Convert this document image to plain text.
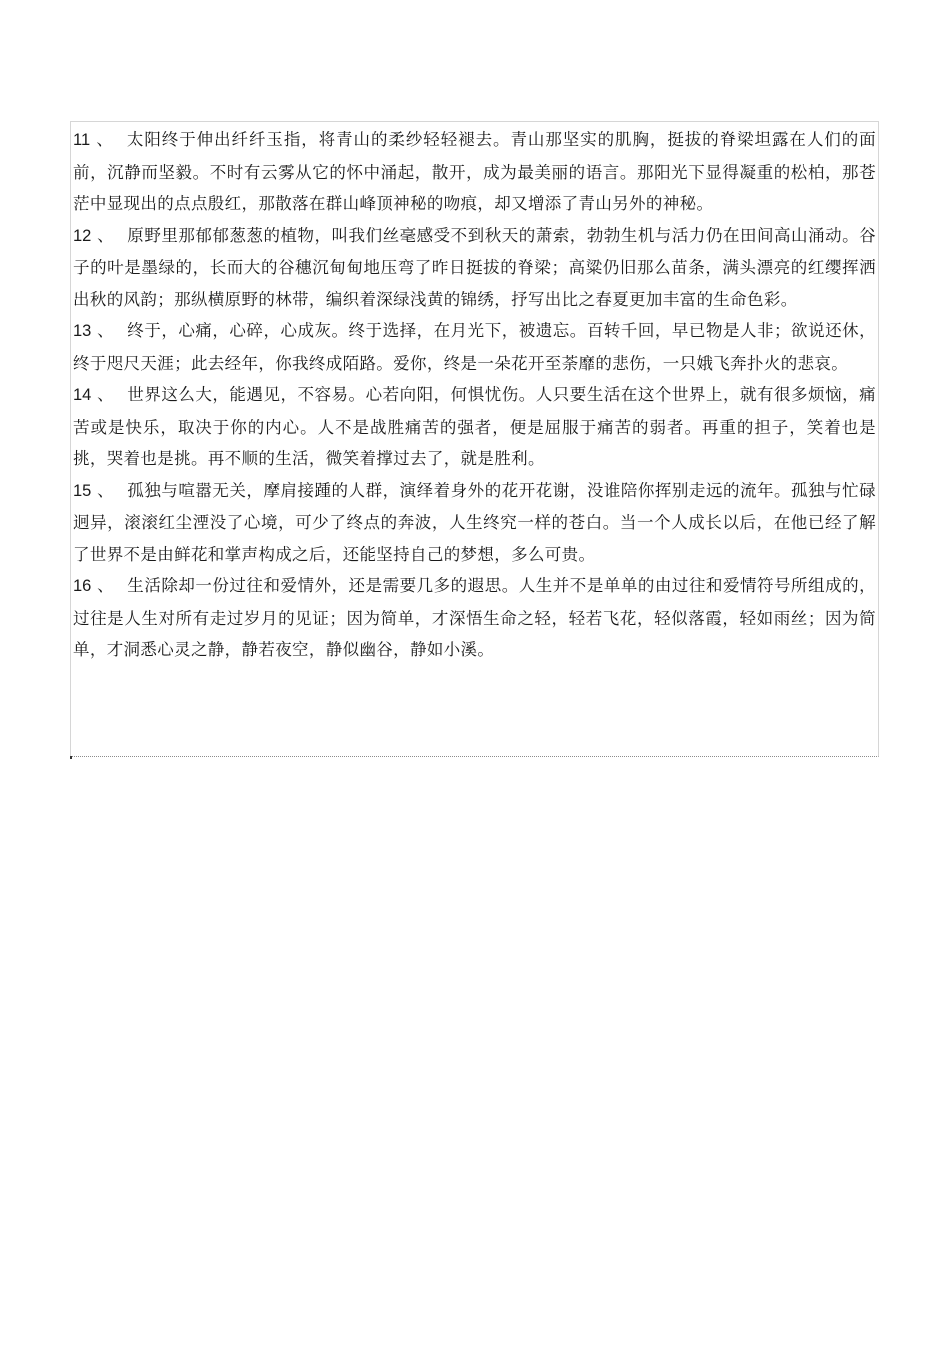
11 、 太阳终于伸出纤纤玉指，将青山的柔纱轻轻褪去。青山那坚实的肌胸，挺拔的脊梁坦露在人们的面前，沉静而坚毅。不时有云雾从它的怀中涌起，散开，成为最美丽的语言。那阳光下显得凝重的松柏，那苍茫中显现出的点点殷红，那散落在群山峰顶神秘的吻痕，却又增添了青山另外的神秘。

12 、 原野里那郁郁葱葱的植物，叫我们丝毫感受不到秋天的萧索，勃勃生机与活力仍在田间高山涌动。谷子的叶是墨绿的，长而大的谷穗沉甸甸地压弯了昨日挺拔的脊梁；高粱仍旧那么苗条，满头漂亮的红缨挥洒出秋的风韵；那纵横原野的林带，编织着深绿浅黄的锦绣，抒写出比之春夏更加丰富的生命色彩。

13 、 终于，心痛，心碎，心成灰。终于选择，在月光下，被遗忘。百转千回，早已物是人非；欲说还休，终于咫尺天涯；此去经年，你我终成陌路。爱你，终是一朵花开至荼靡的悲伤，一只娥飞奔扑火的悲哀。

14 、 世界这么大，能遇见，不容易。心若向阳，何惧忧伤。人只要生活在这个世界上，就有很多烦恼，痛苦或是快乐，取决于你的内心。人不是战胜痛苦的强者，便是屈服于痛苦的弱者。再重的担子，笑着也是挑，哭着也是挑。再不顺的生活，微笑着撑过去了，就是胜利。

15 、 孤独与喧嚣无关，摩肩接踵的人群，演绎着身外的花开花谢，没谁陪你挥别走远的流年。孤独与忙碌迥异，滚滚红尘湮没了心境，可少了终点的奔波，人生终究一样的苍白。当一个人成长以后，在他已经了解了世界不是由鲜花和掌声构成之后，还能坚持自己的梦想，多么可贵。

16 、 生活除却一份过往和爱情外，还是需要几多的遐思。人生并不是单单的由过往和爱情符号所组成的，过往是人生对所有走过岁月的见证；因为简单，才深悟生命之轻，轻若飞花，轻似落霞，轻如雨丝；因为简单，才洞悉心灵之静，静若夜空，静似幽谷，静如小溪。
